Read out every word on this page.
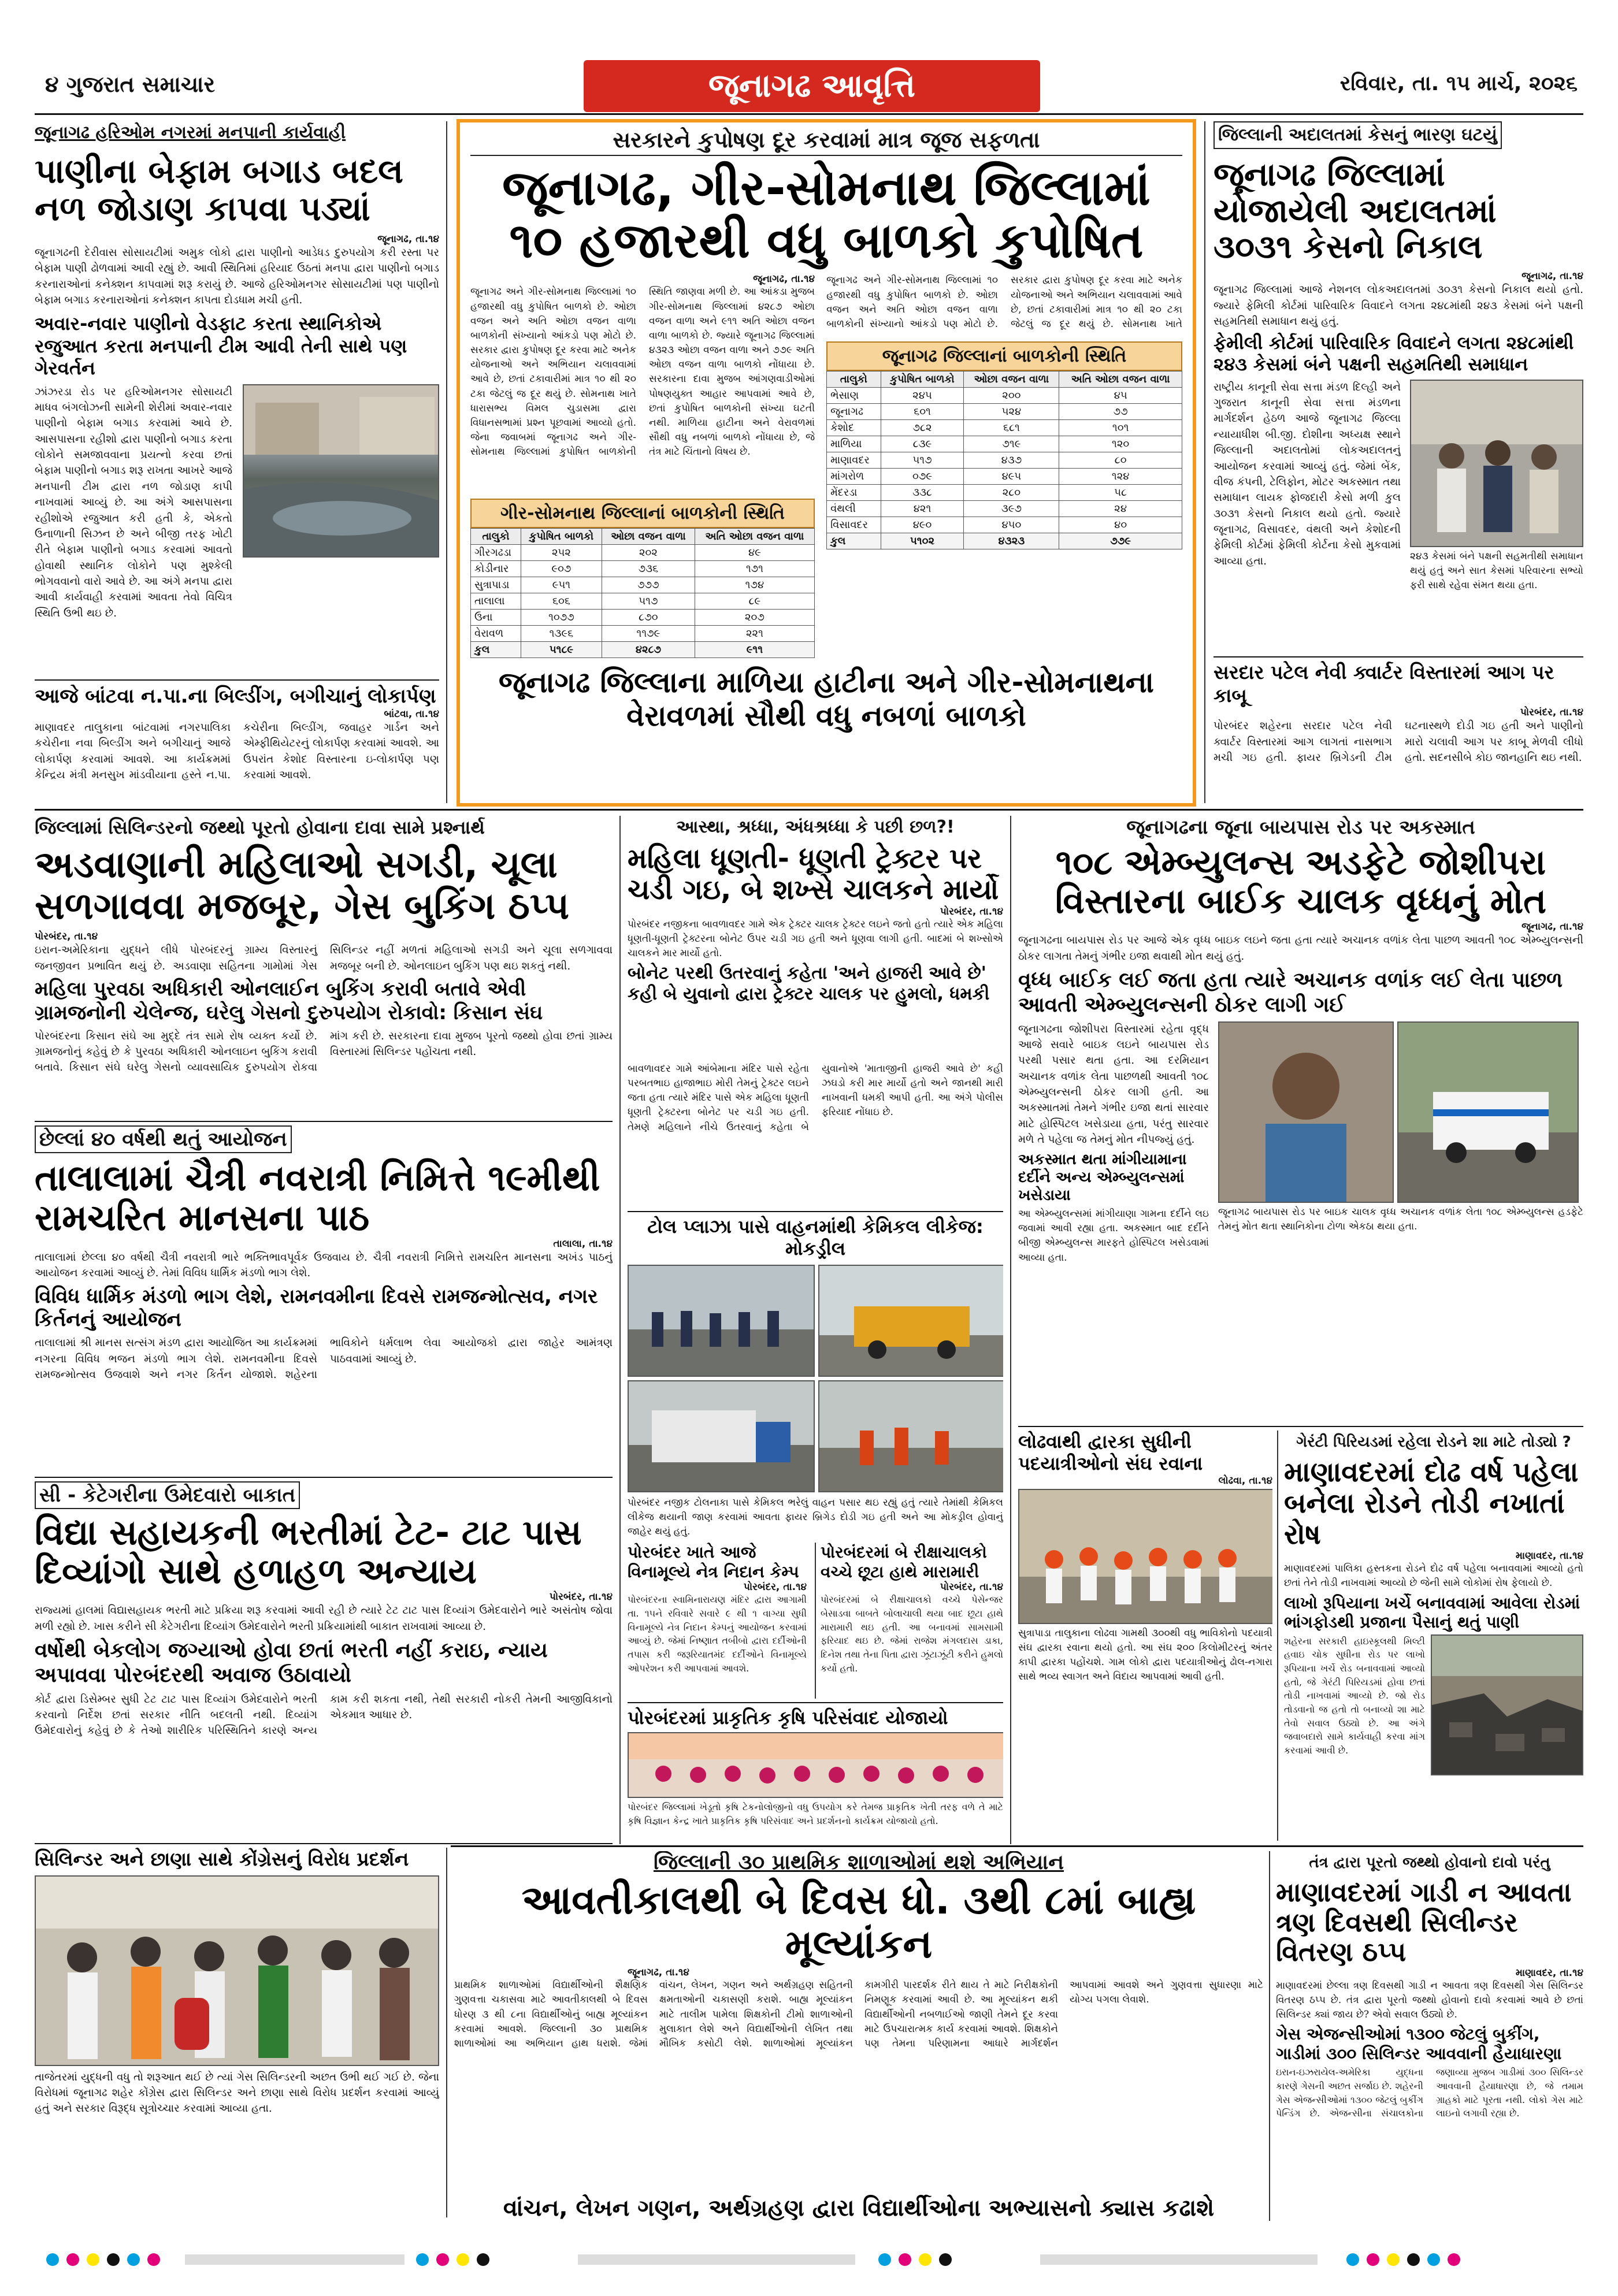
૪ ગુજરાત સમાચાર	જૂનાગઢ આવૃત્તિ	રવિવાર, તા. ૧૫ માર્ચ, ૨૦૨૬
જૂનાગઢ હરિઓમ નગરમાં મનપાની કાર્યવાહી
પાણીના બેફામ બગાડ બદલ નળ જોડાણ કાપવા પડ્યાં
જૂનાગઢ, તા.૧૪
જૂનાગઢની દેરીવાસ સોસાયટીમાં અમુક લોકો દ્વારા પાણીનો આડેધડ દુરુપયોગ કરી રસ્તા પર બેફામ પાણી ઢોળવામાં આવી રહ્યું છે. આવી સ્થિતિમાં હરિયાદ ઉઠતાં મનપા દ્વારા પાણીનો બગાડ કરનારાઓનાં કનેક્શન કાપવામાં શરૂ કરાયું છે. આજે હરિઓમનગર સોસાયટીમાં પણ પાણીનો બેફામ બગાડ કરનારાઓનાં કનેક્શન કાપતા દોડધામ મચી હતી.
અવાર-નવાર પાણીનો વેડફાટ કરતા સ્થાનિકોએ રજુઆત કરતા મનપાની ટીમ આવી તેની સાથે પણ ગેરવર્તન
ઝાંઝરડા રોડ પર હરિઓમનગર સોસાયટી માધવ બંગલોઝની સામેની શેરીમાં અવાર-નવાર પાણીનો બેફામ બગાડ કરવામાં આવે છે. આસપાસના રહીશો દ્વારા પાણીનો બગાડ કરતા લોકોને સમજાવવાના પ્રયત્નો કરવા છતાં બેફામ પાણીનો બગાડ શરૂ રાખતા આખરે આજે મનપાની ટીમ દ્વારા નળ જોડાણ કાપી નાખવામાં આવ્યું છે. આ અંગે આસપાસના રહીશોએ રજુઆત કરી હતી કે, એકતો ઉનાળાની સિઝન છે અને બીજી તરફ ખોટી રીતે બેફામ પાણીનો બગાડ કરવામાં આવતો હોવાથી સ્થાનિક લોકોને પણ મુશ્કેલી ભોગવવાનો વારો આવે છે. આ અંગે મનપા દ્વારા આવી કાર્યવાહી કરવામાં આવતા તેવો વિચિત્ર સ્થિતિ ઉભી થઇ છે.
આજે બાંટવા ન.પા.ના બિલ્ડીંગ, બગીચાનું લોકાર્પણ
બાંટવા, તા.૧૪
માણાવદર તાલુકાના બાંટવામાં નગરપાલિકા કચેરીના નવા બિલ્ડીંગ અને બગીચાનું આજે લોકાર્પણ કરવામાં આવશે. આ કાર્યક્રમમાં કેન્દ્રિય મંત્રી મનસુખ માંડવીયાના હસ્તે ન.પા. કચેરીના બિલ્ડીંગ, જવાહર ગાર્ડન અને એમ્ફીથિયેટરનું લોકાર્પણ કરવામાં આવશે. આ ઉપરાંત કેશોદ વિસ્તારના ઇ-લોકાર્પણ પણ કરવામાં આવશે.
સરકારને કુપોષણ દૂર કરવામાં માત્ર જૂજ સફળતા
જૂનાગઢ, ગીર-સોમનાથ જિલ્લામાં ૧૦ હજારથી વધુ બાળકો કુપોષિત
જૂનાગઢ, તા.૧૪
જૂનાગઢ અને ગીર-સોમનાથ જિલ્લામાં ૧૦ હજારથી વધુ કુપોષિત બાળકો છે. ઓછા વજન અને અતિ ઓછા વજન વાળા બાળકોની સંખ્યાનો આંકડો પણ મોટો છે. સરકાર દ્વારા કુપોષણ દૂર કરવા માટે અનેક યોજનાઓ અને અભિયાન ચલાવવામાં આવે છે, છતાં ટકાવારીમાં માત્ર ૧૦ થી ૨૦ ટકા જેટલું જ દૂર થયું છે. સોમનાથ ખાતે ધારાસભ્ય વિમલ ચુડાસમા દ્વારા વિધાનસભામાં પ્રશ્ન પૂછવામાં આવ્યો હતો. જેના જવાબમાં જૂનાગઢ અને ગીર-સોમનાથ જિલ્લામાં કુપોષિત બાળકોની સ્થિતિ જાણવા મળી છે. આ આંકડા મુજબ ગીર-સોમનાથ જિલ્લામાં ૪૨૮૭ ઓછા વજન વાળા અને ૯૧૧ અતિ ઓછા વજન વાળા બાળકો છે. જ્યારે જૂનાગઢ જિલ્લામાં ૪૩૨૩ ઓછા વજન વાળા અને ૭૭૯ અતિ ઓછા વજન વાળા બાળકો નોંધાયા છે. સરકારના દાવા મુજબ આંગણવાડીઓમાં પોષણયુક્ત આહાર આપવામાં આવે છે, છતાં કુપોષિત બાળકોની સંખ્યા ઘટતી નથી. માળિયા હાટીના અને વેરાવળમાં સૌથી વધુ નબળાં બાળકો નોંધાયા છે, જે તંત્ર માટે ચિંતાનો વિષય છે.
ગીર-સોમનાથ જિલ્લાનાં બાળકોની સ્થિતિ
તાલુકો	કુપોષિત બાળકો	ઓછા વજન વાળા	અતિ ઓછા વજન વાળા
ગીરગઢડા	૨૫૨	૨૦૨	૪૯
કોડીનાર	૯૦૭	૭૩૬	૧૭૧
સુત્રાપાડા	૯૫૧	૭૭૭	૧૭૪
તાલાલા	૬૦૬	૫૧૭	૮૯
ઉના	૧૦૭૭	૮૭૦	૨૦૭
વેરાવળ	૧૩૯૬	૧૧૭૯	૨૨૧
કુલ	૫૧૮૯	૪૨૮૭	૯૧૧
જૂનાગઢ અને ગીર-સોમનાથ જિલ્લામાં ૧૦ હજારથી વધુ કુપોષિત બાળકો છે. ઓછા વજન અને અતિ ઓછા વજન વાળા બાળકોની સંખ્યાનો આંકડો પણ મોટો છે. સરકાર દ્વારા કુપોષણ દૂર કરવા માટે અનેક યોજનાઓ અને અભિયાન ચલાવવામાં આવે છે, છતાં ટકાવારીમાં માત્ર ૧૦ થી ૨૦ ટકા જેટલું જ દૂર થયું છે. સોમનાથ ખાતે
જૂનાગઢ જિલ્લાનાં બાળકોની સ્થિતિ
તાલુકો	કુપોષિત બાળકો	ઓછા વજન વાળા	અતિ ઓછા વજન વાળા
ભેસાણ	૨૪૫	૨૦૦	૪૫
જૂનાગઢ	૬૦૧	૫૨૪	૭૭
કેશોદ	૭૮૨	૬૮૧	૧૦૧
માળિયા	૮૩૯	૭૧૯	૧૨૦
માણાવદર	૫૧૭	૪૩૭	૮૦
માંગરોળ	૦૭૯	૪૯૫	૧૨૪
મેંદરડા	૩૩૮	૨૮૦	૫૮
વંથલી	૪૨૧	૩૯૭	૨૪
વિસાવદર	૪૯૦	૪૫૦	૪૦
કુલ	૫૧૦૨	૪૩૨૩	૭૭૯
જૂનાગઢ જિલ્લાના માળિયા હાટીના અને ગીર-સોમનાથના વેરાવળમાં સૌથી વધુ નબળાં બાળકો
જિલ્લાની અદાલતમાં કેસનું ભારણ ઘટયું
જૂનાગઢ જિલ્લામાં યોજાયેલી અદાલતમાં ૩૦૩૧ કેસનો નિકાલ
જૂનાગઢ, તા.૧૪
જૂનાગઢ જિલ્લામાં આજે નેશનલ લોકઅદાલતમાં ૩૦૩૧ કેસનો નિકાલ થયો હતો. જ્યારે ફેમિલી કોર્ટમાં પારિવારિક વિવાદને લગતા ૨૪૮માંથી ૨૪૩ કેસમાં બંને પક્ષની સહમતિથી સમાધાન થયું હતું.
ફેમીલી કોર્ટમાં પારિવારિક વિવાદને લગતા ૨૪૮માંથી ૨૪૩ કેસમાં બંને પક્ષની સહમતિથી સમાધાન
રાષ્ટ્રીય કાનૂની સેવા સત્તા મંડળ દિલ્હી અને ગુજરાત કાનૂની સેવા સત્તા મંડળના માર્ગદર્શન હેઠળ આજે જૂનાગઢ જિલ્લા ન્યાયાધીશ બી.જી. દોશીના અધ્યક્ષ સ્થાને જિલ્લાની અદાલતોમાં લોકઅદાલતનું આયોજન કરવામાં આવ્યું હતું. જેમાં બેંક, વીજ કંપની, ટેલિફોન, મોટર અકસ્માત તથા સમાધાન લાયક ફોજદારી કેસો મળી કુલ ૩૦૩૧ કેસનો નિકાલ થયો હતો. જ્યારે જૂનાગઢ, વિસાવદર, વંથલી અને કેશોદની ફેમિલી કોર્ટમાં ફેમિલી કોર્ટના કેસો મુકવામાં આવ્યા હતા.	૨૪૩ કેસમાં બંને પક્ષની સહમતીથી સમાધાન થયું હતું અને સાત કેસમાં પરિવારના સભ્યો ફરી સાથે રહેવા સંમત થયા હતા.
સરદાર પટેલ નેવી ક્વાર્ટર વિસ્તારમાં આગ પર કાબૂ
પોરબંદર, તા.૧૪
પોરબંદર શહેરના સરદાર પટેલ નેવી ક્વાર્ટર વિસ્તારમાં આગ લાગતાં નાસભાગ મચી ગઇ હતી. ફાયર બ્રિગેડની ટીમ ઘટનાસ્થળે દોડી ગઇ હતી અને પાણીનો મારો ચલાવી આગ પર કાબૂ મેળવી લીધો હતો. સદનસીબે કોઇ જાનહાનિ થઇ નથી.
જિલ્લામાં સિલિન્ડરનો જથ્થો પૂરતો હોવાના દાવા સામે પ્રશ્નાર્થ
અડવાણાની મહિલાઓ સગડી, ચૂલા સળગાવવા મજબૂર, ગેસ બુકિંગ ઠપ્પ
પોરબંદર, તા.૧૪
ઇરાન-અમેરિકાના યુદ્ધને લીધે પોરબંદરનું ગ્રામ્ય વિસ્તારનું જનજીવન પ્રભાવિત થયું છે. અડવાણા સહિતના ગામોમાં ગેસ સિલિન્ડર નહીં મળતાં મહિલાઓ સગડી અને ચૂલા સળગાવવા મજબૂર બની છે. ઓનલાઇન બુકિંગ પણ થઇ શકતું નથી.
મહિલા પુરવઠા અધિકારી ઓનલાઈન બુકિંગ કરાવી બતાવે એવી ગ્રામજનોની ચેલેન્જ, ઘરેલુ ગેસનો દુરુપયોગ રોકાવો: કિસાન સંઘ
પોરબંદરના કિસાન સંઘે આ મુદ્દે તંત્ર સામે રોષ વ્યક્ત કર્યો છે. ગ્રામજનોનું કહેવું છે કે પુરવઠા અધિકારી ઓનલાઇન બુકિંગ કરાવી બતાવે. કિસાન સંઘે ઘરેલુ ગેસનો વ્યાવસાયિક દુરુપયોગ રોકવા માંગ કરી છે. સરકારના દાવા મુજબ પૂરતો જથ્થો હોવા છતાં ગ્રામ્ય વિસ્તારમાં સિલિન્ડર પહોંચતા નથી.
છેલ્લાં ૪૦ વર્ષથી થતું આયોજન
તાલાલામાં ચૈત્રી નવરાત્રી નિમિત્તે ૧૯મીથી રામચરિત માનસના પાઠ
તાલાલા, તા.૧૪
તાલાલામાં છેલ્લા ૪૦ વર્ષથી ચૈત્રી નવરાત્રી ભારે ભક્તિભાવપૂર્વક ઉજવાય છે. ચૈત્રી નવરાત્રી નિમિત્તે રામચરિત માનસના અખંડ પાઠનું આયોજન કરવામાં આવ્યું છે. તેમાં વિવિધ ધાર્મિક મંડળો ભાગ લેશે.
વિવિધ ધાર્મિક મંડળો ભાગ લેશે, રામનવમીના દિવસે રામજન્મોત્સવ, નગર કિર્તનનું આયોજન
તાલાલામાં શ્રી માનસ સત્સંગ મંડળ દ્વારા આયોજિત આ કાર્યક્રમમાં નગરના વિવિધ ભજન મંડળો ભાગ લેશે. રામનવમીના દિવસે રામજન્મોત્સવ ઉજવાશે અને નગર કિર્તન યોજાશે. શહેરના ભાવિકોને ધર્મલાભ લેવા આયોજકો દ્વારા જાહેર આમંત્રણ પાઠવવામાં આવ્યું છે.
સી - કેટેગરીના ઉમેદવારો બાકાત
વિદ્યા સહાયકની ભરતીમાં ટેટ- ટાટ પાસ દિવ્યાંગો સાથે હળાહળ અન્યાય
પોરબંદર, તા.૧૪
રાજ્યમાં હાલમાં વિદ્યાસહાયક ભરતી માટે પ્રક્રિયા શરૂ કરવામાં આવી રહી છે ત્યારે ટેટ ટાટ પાસ દિવ્યાંગ ઉમેદવારોને ભારે અસંતોષ જોવા મળી રહ્યો છે. ખાસ કરીને સી કેટેગરીના દિવ્યાંગ ઉમેદવારોને ભરતી પ્રક્રિયામાંથી બાકાત રાખવામાં આવ્યા છે.
વર્ષોથી બેકલોગ જગ્યાઓ હોવા છતાં ભરતી નહીં કરાઇ, ન્યાય અપાવવા પોરબંદરથી અવાજ ઉઠાવાયો
કોર્ટ દ્વારા ડિસેમ્બર સુધી ટેટ ટાટ પાસ દિવ્યાંગ ઉમેદવારોને ભરતી કરવાનો નિર્દેશ છતાં સરકાર નીતિ બદલતી નથી. દિવ્યાંગ ઉમેદવારોનું કહેવું છે કે તેઓ શારીરિક પરિસ્થિતિને કારણે અન્ય કામ કરી શકતા નથી, તેથી સરકારી નોકરી તેમની આજીવિકાનો એકમાત્ર આધાર છે.
સિલિન્ડર અને છાણા સાથે કોંગ્રેસનું વિરોધ પ્રદર્શન
તાજેતરમાં યુદ્ધની વધુ તો શરૂઆત થઈ છે ત્યાં ગેસ સિલિન્ડરની અછત ઉભી થઈ ગઈ છે. જેના વિરોધમાં જૂનાગઢ શહેર કોંગ્રેસ દ્વારા સિલિન્ડર અને છાણા સાથે વિરોધ પ્રદર્શન કરવામાં આવ્યું હતું અને સરકાર વિરૂદ્ધ સૂત્રોચ્ચાર કરવામાં આવ્યા હતા.
આસ્થા, શ્રધ્ધા, અંધશ્રધ્ધા કે પછી છળ?!
મહિલા ધૂણતી- ધૂણતી ટ્રેક્ટર પર ચડી ગઇ, બે શખ્સે ચાલકને માર્યો
પોરબંદર, તા.૧૪
પોરબંદર નજીકના બાવળાવદર ગામે એક ટ્રેક્ટર ચાલક ટ્રેક્ટર લઇને જતો હતો ત્યારે એક મહિલા ધૂણતી-ધૂણતી ટ્રેક્ટરના બોનેટ ઉપર ચડી ગઇ હતી અને ધૂણવા લાગી હતી. બાદમાં બે શખ્સોએ ચાલકને માર માર્યો હતો.
બોનેટ પરથી ઉતરવાનું કહેતા 'અને હાજરી આવે છે' કહી બે યુવાનો દ્વારા ટ્રેક્ટર ચાલક પર હુમલો, ધમકી
બાવળાવદર ગામે આંબેમાના મંદિર પાસે રહેતા પરબતભાઇ હાજાભાઇ મોરી તેમનું ટ્રેક્ટર લઇને જતા હતા ત્યારે મંદિર પાસે એક મહિલા ધૂણતી ધૂણતી ટ્રેક્ટરના બોનેટ પર ચડી ગઇ હતી. તેમણે મહિલાને નીચે ઉતરવાનું કહેતા બે યુવાનોએ 'માતાજીની હાજરી આવે છે' કહી ઝઘડો કરી માર માર્યો હતો અને જાનથી મારી નાખવાની ધમકી આપી હતી. આ અંગે પોલીસ ફરિયાદ નોંધાઇ છે.
ટોલ પ્લાઝા પાસે વાહનમાંથી કેમિકલ લીકેજ: મોકડ્રીલ
પોરબંદર નજીક ટોલનાકા પાસે કેમિકલ ભરેલું વાહન પસાર થઇ રહ્યું હતું ત્યારે તેમાંથી કેમિકલ લીકેજ થયાની જાણ કરવામાં આવતા ફાયર બ્રિગેડ દોડી ગઇ હતી અને આ મોકડ્રીલ હોવાનું જાહેર થયું હતું.
પોરબંદર ખાતે આજે વિનામૂલ્યે નેત્ર નિદાન કેમ્પ
પોરબંદર, તા.૧૪
પોરબંદરના સ્વામિનારાયણ મંદિર દ્વારા આગામી તા. ૧૫ને રવિવારે સવારે ૯ થી ૧ વાગ્યા સુધી વિનામૂલ્યે નેત્ર નિદાન કેમ્પનું આયોજન કરવામાં આવ્યું છે. જેમાં નિષ્ણાત તબીબો દ્વારા દર્દીઓની તપાસ કરી જરૂરિયાતમંદ દર્દીઓને વિનામૂલ્યે ઓપરેશન કરી આપવામાં આવશે.
પોરબંદરમાં બે રીક્ષાચાલકો વચ્ચે છૂટા હાથે મારામારી
પોરબંદર, તા.૧૪
પોરબંદરમાં બે રીક્ષાચાલકો વચ્ચે પેસેન્જર બેસાડવા બાબતે બોલાચાલી થયા બાદ છૂટા હાથે મારામારી થઇ હતી. આ બનાવમાં સામસામી ફરિયાદ થઇ છે. જેમાં રાજેશ મંગલદાસ ડાકા, દિનેશ તથા તેના પિતા દ્વારા ઝૂંટાઝૂંટી કરીને હુમલો કર્યો હતો.
પોરબંદરમાં પ્રાકૃતિક કૃષિ પરિસંવાદ યોજાયો
પોરબંદર જિલ્લામાં ખેડૂતો કૃષિ ટેકનોલોજીનો વધુ ઉપયોગ કરે તેમજ પ્રાકૃતિક ખેતી તરફ વળે તે માટે કૃષિ વિજ્ઞાન કેન્દ્ર ખાતે પ્રાકૃતિક કૃષિ પરિસંવાદ અને પ્રદર્શનનો કાર્યક્રમ યોજાયો હતો.
જૂનાગઢના જૂના બાયપાસ રોડ પર અકસ્માત
૧૦૮ એમ્બ્યુલન્સ અડફેટે જોશીપરા વિસ્તારના બાઈક ચાલક વૃધ્ધનું મોત
જૂનાગઢ, તા.૧૪
જૂનાગઢના બાયપાસ રોડ પર આજે એક વૃધ્ધ બાઇક લઇને જતા હતા ત્યારે અચાનક વળાંક લેતા પાછળ આવતી ૧૦૮ એમ્બ્યુલન્સની ઠોકર લાગતા તેમનું ગંભીર ઇજા થવાથી મોત થયું હતું.
વૃધ્ધ બાઈક લઈ જતા હતા ત્યારે અચાનક વળાંક લઈ લેતા પાછળ આવતી એમ્બ્યુલન્સની ઠોકર લાગી ગઈ
જૂનાગઢના જોશીપરા વિસ્તારમાં રહેતા વૃદ્ધ આજે સવારે બાઇક લઇને બાયપાસ રોડ પરથી પસાર થતા હતા. આ દરમિયાન અચાનક વળાંક લેતા પાછળથી આવતી ૧૦૮ એમ્બ્યુલન્સની ઠોકર લાગી હતી. આ અકસ્માતમાં તેમને ગંભીર ઇજા થતાં સારવાર માટે હોસ્પિટલ ખસેડાયા હતા, પરંતુ સારવાર મળે તે પહેલા જ તેમનું મોત નીપજ્યું હતું.
અકસ્માત થતા માંગીયામાના દર્દીને અન્ય એમ્બ્યુલન્સમાં ખસેડાયા
આ એમ્બ્યુલન્સમાં માંગીયાણા ગામના દર્દીને લઇ જવામાં આવી રહ્યા હતા. અકસ્માત બાદ દર્દીને બીજી એમ્બ્યુલન્સ મારફતે હોસ્પિટલ ખસેડવામાં આવ્યા હતા.
જૂનાગઢ બાયપાસ રોડ પર બાઇક ચાલક વૃધ્ધ અચાનક વળાંક લેતા ૧૦૮ એમ્બ્યુલન્સ હડફેટે તેમનું મોત થતા સ્થાનિકોના ટોળા એકઠા થયા હતા.
લોઢવાથી દ્વારકા સુધીની પદયાત્રીઓનો સંઘ રવાના
લોઢવા, તા.૧૪
સુત્રાપાડા તાલુકાના લોઢવા ગામથી ૩૦૦થી વધુ ભાવિકોનો પદયાત્રી સંઘ દ્વારકા રવાના થયો હતો. આ સંઘ ૨૦૦ કિલોમીટરનું અંતર કાપી દ્વારકા પહોંચશે. ગામ લોકો દ્વારા પદયાત્રીઓનું ઢોલ-નગારા સાથે ભવ્ય સ્વાગત અને વિદાય આપવામાં આવી હતી.
ગેરંટી પિરિયડમાં રહેલા રોડને શા માટે તોડ્યો ?
માણાવદરમાં દોઢ વર્ષ પહેલા બનેલા રોડને તોડી નખાતાં રોષ
માણાવદર, તા.૧૪
માણાવદરમાં પાલિકા હસ્તકના રોડને દોઢ વર્ષ પહેલા બનાવવામાં આવ્યો હતો છતાં તેને તોડી નાખવામાં આવ્યો છે જેની સામે લોકોમાં રોષ ફેલાયો છે.
લાખો રૂપિયાના ખર્ચે બનાવવામાં આવેલા રોડમાં ભાંગફોડથી પ્રજાના પૈસાનું થતું પાણી
શહેરના સરકારી હાઇસ્કૂલથી મિલ્ટી હવાઇ ચોક સુધીના રોડ પર લાખો રૂપિયાના ખર્ચે રોડ બનાવવામાં આવ્યો હતો, જે ગેરંટી પિરિયડમાં હોવા છતાં તોડી નાખવામાં આવ્યો છે. જો રોડ તોડવાનો જ હતો તો બનાવ્યો શા માટે તેવો સવાલ ઉઠ્યો છે. આ અંગે જવાબદારો સામે કાર્યવાહી કરવા માંગ કરવામાં આવી છે.
જિલ્લાની ૩૦ પ્રાથમિક શાળાઓમાં થશે અભિયાન
આવતીકાલથી બે દિવસ ધો. ૩થી ૮માં બાહ્ય મૂલ્યાંકન
જૂનાગઢ, તા.૧૪
પ્રાથમિક શાળાઓમાં વિદ્યાર્થીઓની શૈક્ષણિક ગુણવત્તા ચકાસવા માટે આવતીકાલથી બે દિવસ ધોરણ ૩ થી ૮ના વિદ્યાર્થીઓનું બાહ્ય મૂલ્યાંકન કરવામાં આવશે. જિલ્લાની ૩૦ પ્રાથમિક શાળાઓમાં આ અભિયાન હાથ ધરાશે. જેમાં વાંચન, લેખન, ગણન અને અર્થગ્રહણ સહિતની ક્ષમતાઓની ચકાસણી કરાશે. બાહ્ય મૂલ્યાંકન માટે તાલીમ પામેલા શિક્ષકોની ટીમો શાળાઓની મુલાકાત લેશે અને વિદ્યાર્થીઓની લેખિત તથા મૌખિક કસોટી લેશે. શાળાઓમાં મૂલ્યાંકન કામગીરી પારદર્શક રીતે થાય તે માટે નિરીક્ષકોની નિમણૂક કરવામાં આવી છે. આ મૂલ્યાંકન થકી વિદ્યાર્થીઓની નબળાઈઓ જાણી તેમને દૂર કરવા માટે ઉપચારાત્મક કાર્ય કરવામાં આવશે. શિક્ષકોને પણ તેમના પરિણામના આધારે માર્ગદર્શન આપવામાં આવશે અને ગુણવત્તા સુધારણા માટે યોગ્ય પગલા લેવાશે.
વાંચન, લેખન ગણન, અર્થગ્રહણ દ્વારા વિદ્યાર્થીઓના અભ્યાસનો ક્યાસ કઢાશે
તંત્ર દ્વારા પૂરતો જથ્થો હોવાનો દાવો પરંતુ
માણાવદરમાં ગાડી ન આવતા ત્રણ દિવસથી સિલીન્ડર વિતરણ ઠપ્પ
માણાવદર, તા.૧૪
માણાવદરમાં છેલ્લા ત્રણ દિવસથી ગાડી ન આવતા ત્રણ દિવસથી ગેસ સિલિન્ડર વિતરણ ઠપ્પ છે. તંત્ર દ્વારા પૂરતો જથ્થો હોવાનો દાવો કરવામાં આવે છે છતાં સિલિન્ડર ક્યાં જાય છે? એવો સવાલ ઉઠ્યો છે.
ગેસ એજન્સીઓમાં ૧૩૦૦ જેટલું બુકીંગ, ગાડીમાં ૩૦૦ સિલિન્ડર આવવાની હૈયાધારણા
ઇરાન-ઇઝરાયેલ-અમેરિકા યુદ્ધના કારણે ગેસની અછત સર્જાઇ છે. શહેરની ગેસ એજન્સીઓમાં ૧૩૦૦ જેટલું બુકીંગ પેન્ડિંગ છે. એજન્સીના સંચાલકોના જણાવ્યા મુજબ ગાડીમાં ૩૦૦ સિલિન્ડર આવવાની હૈયાધારણા છે, જે તમામ ગ્રાહકો માટે પૂરતા નથી. લોકો ગેસ માટે લાઇનો લગાવી રહ્યા છે.
